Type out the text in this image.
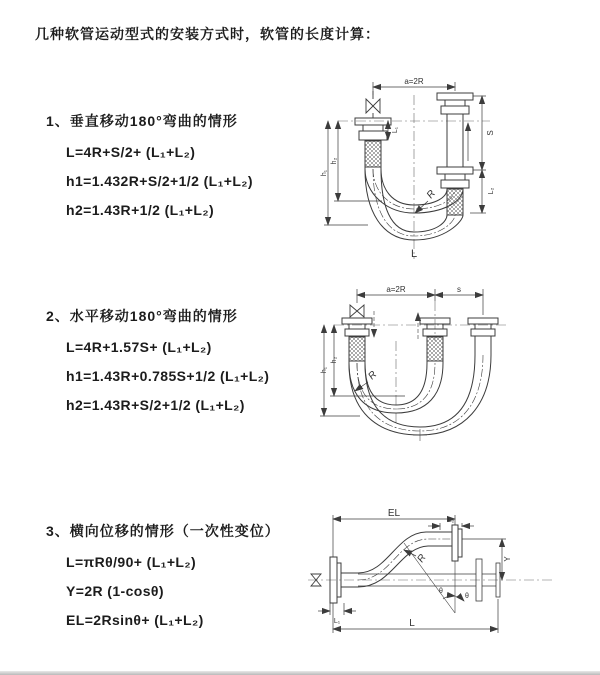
几种软管运动型式的安装方式时，软管的长度计算：

1、垂直移动180°弯曲的情形

L=4R+S/2+ (L₁+L₂)

h1=1.432R+S/2+1/2 (L₁+L₂)

h2=1.43R+1/2 (L₁+L₂)

2、水平移动180°弯曲的情形

L=4R+1.57S+ (L₁+L₂)

h1=1.43R+0.785S+1/2 (L₁+L₂)

h2=1.43R+S/2+1/2 (L₁+L₂)

3、横向位移的情形（一次性变位）

L=πRθ/90+ (L₁+L₂)

Y=2R (1-cosθ)

EL=2Rsinθ+ (L₁+L₂)

a=2R
S
L₂
h₁
h₂
L₁
R
L
a=2R	s
h₁
h₂
R
EL
L₂
Y
L₁
R
θ
θ
L
